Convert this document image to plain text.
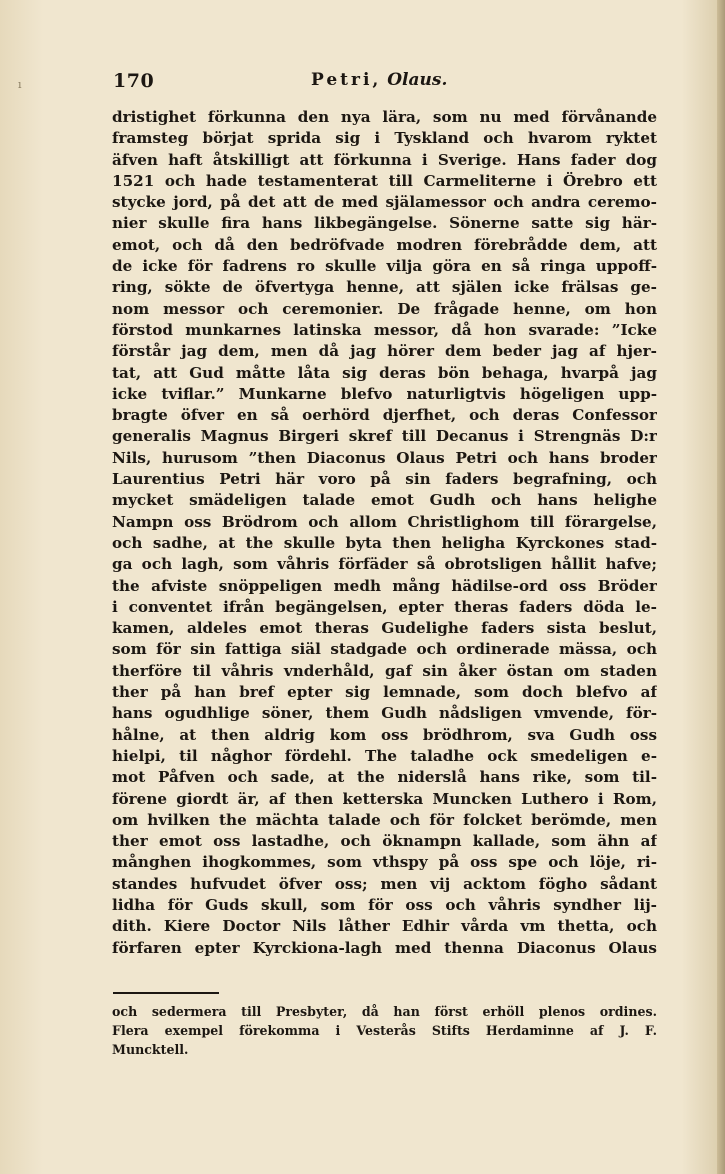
ı	170	Petri, Olaus.
dristighet förkunna den nya lära, som nu med förvånande
framsteg börjat sprida sig i Tyskland och hvarom ryktet
äfven haft åtskilligt att förkunna i Sverige. Hans fader dog
1521 och hade testamenterat till Carmeliterne i Örebro ett
stycke jord, på det att de med själamessor och andra ceremo-
nier skulle fira hans likbegängelse. Sönerne satte sig här-
emot, och då den bedröfvade modren förebrådde dem, att
de icke för fadrens ro skulle vilja göra en så ringa uppoff-
ring, sökte de öfvertyga henne, att själen icke frälsas ge-
nom messor och ceremonier. De frågade henne, om hon
förstod munkarnes latinska messor, då hon svarade: ”Icke
förstår jag dem, men då jag hörer dem beder jag af hjer-
tat, att Gud måtte låta sig deras bön behaga, hvarpå jag
icke tviflar.” Munkarne blefvo naturligtvis högeligen upp-
bragte öfver en så oerhörd djerfhet, och deras Confessor
generalis Magnus Birgeri skref till Decanus i Strengnäs D:r
Nils, hurusom ”then Diaconus Olaus Petri och hans broder
Laurentius Petri här voro på sin faders begrafning, och
mycket smädeligen talade emot Gudh och hans helighe
Nampn oss Brödrom och allom Christlighom till förargelse,
och sadhe, at the skulle byta then heligha Kyrckones stad-
ga och lagh, som våhris förfäder så obrotsligen hållit hafve;
the afviste snöppeligen medh mång hädilse-ord oss Bröder
i conventet ifrån begängelsen, epter theras faders döda le-
kamen, aldeles emot theras Gudelighe faders sista beslut,
som för sin fattiga siäl stadgade och ordinerade mässa, och
therföre til våhris vnderhåld, gaf sin åker östan om staden
ther på han bref epter sig lemnade, som doch blefvo af
hans ogudhlige söner, them Gudh nådsligen vmvende, för-
hålne, at then aldrig kom oss brödhrom, sva Gudh oss
hielpi, til någhor fördehl. The taladhe ock smedeligen e-
mot Påfven och sade, at the niderslå hans rike, som til-
förene giordt är, af then ketterska Muncken Luthero i Rom,
om hvilken the mächta talade och för folcket berömde, men
ther emot oss lastadhe, och öknampn kallade, som ähn af
månghen ihogkommes, som vthspy på oss spe och löje, ri-
standes hufvudet öfver oss; men vij acktom fögho sådant
lidha för Guds skull, som för oss och våhris syndher lij-
dith. Kiere Doctor Nils låther Edhir vårda vm thetta, och
förfaren epter Kyrckiona-lagh med thenna Diaconus Olaus
och sedermera till Presbyter, då han först erhöll plenos ordines.
Flera exempel förekomma i Vesterås Stifts Herdaminne af J. F.
Muncktell.
